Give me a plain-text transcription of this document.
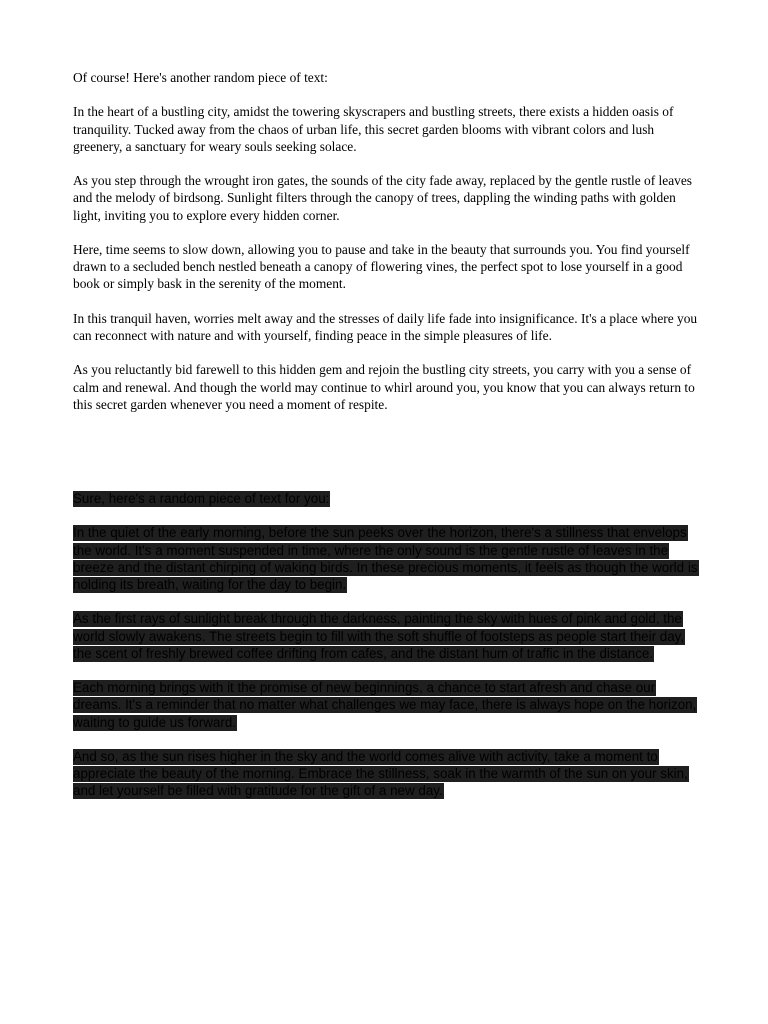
Of course! Here's another random piece of text:

In the heart of a bustling city, amidst the towering skyscrapers and bustling streets, there exists a hidden oasis of tranquility. Tucked away from the chaos of urban life, this secret garden blooms with vibrant colors and lush greenery, a sanctuary for weary souls seeking solace.

As you step through the wrought iron gates, the sounds of the city fade away, replaced by the gentle rustle of leaves and the melody of birdsong. Sunlight filters through the canopy of trees, dappling the winding paths with golden light, inviting you to explore every hidden corner.

Here, time seems to slow down, allowing you to pause and take in the beauty that surrounds you. You find yourself drawn to a secluded bench nestled beneath a canopy of flowering vines, the perfect spot to lose yourself in a good book or simply bask in the serenity of the moment.

In this tranquil haven, worries melt away and the stresses of daily life fade into insignificance. It's a place where you can reconnect with nature and with yourself, finding peace in the simple pleasures of life.

As you reluctantly bid farewell to this hidden gem and rejoin the bustling city streets, you carry with you a sense of calm and renewal. And though the world may continue to whirl around you, you know that you can always return to this secret garden whenever you need a moment of respite.

Sure, here's a random piece of text for you:

In the quiet of the early morning, before the sun peeks over the horizon, there's a stillness that envelops the world. It's a moment suspended in time, where the only sound is the gentle rustle of leaves in the breeze and the distant chirping of waking birds. In these precious moments, it feels as though the world is holding its breath, waiting for the day to begin.

As the first rays of sunlight break through the darkness, painting the sky with hues of pink and gold, the world slowly awakens. The streets begin to fill with the soft shuffle of footsteps as people start their day, the scent of freshly brewed coffee drifting from cafes, and the distant hum of traffic in the distance.

Each morning brings with it the promise of new beginnings, a chance to start afresh and chase our dreams. It's a reminder that no matter what challenges we may face, there is always hope on the horizon, waiting to guide us forward.

And so, as the sun rises higher in the sky and the world comes alive with activity, take a moment to appreciate the beauty of the morning. Embrace the stillness, soak in the warmth of the sun on your skin, and let yourself be filled with gratitude for the gift of a new day.
